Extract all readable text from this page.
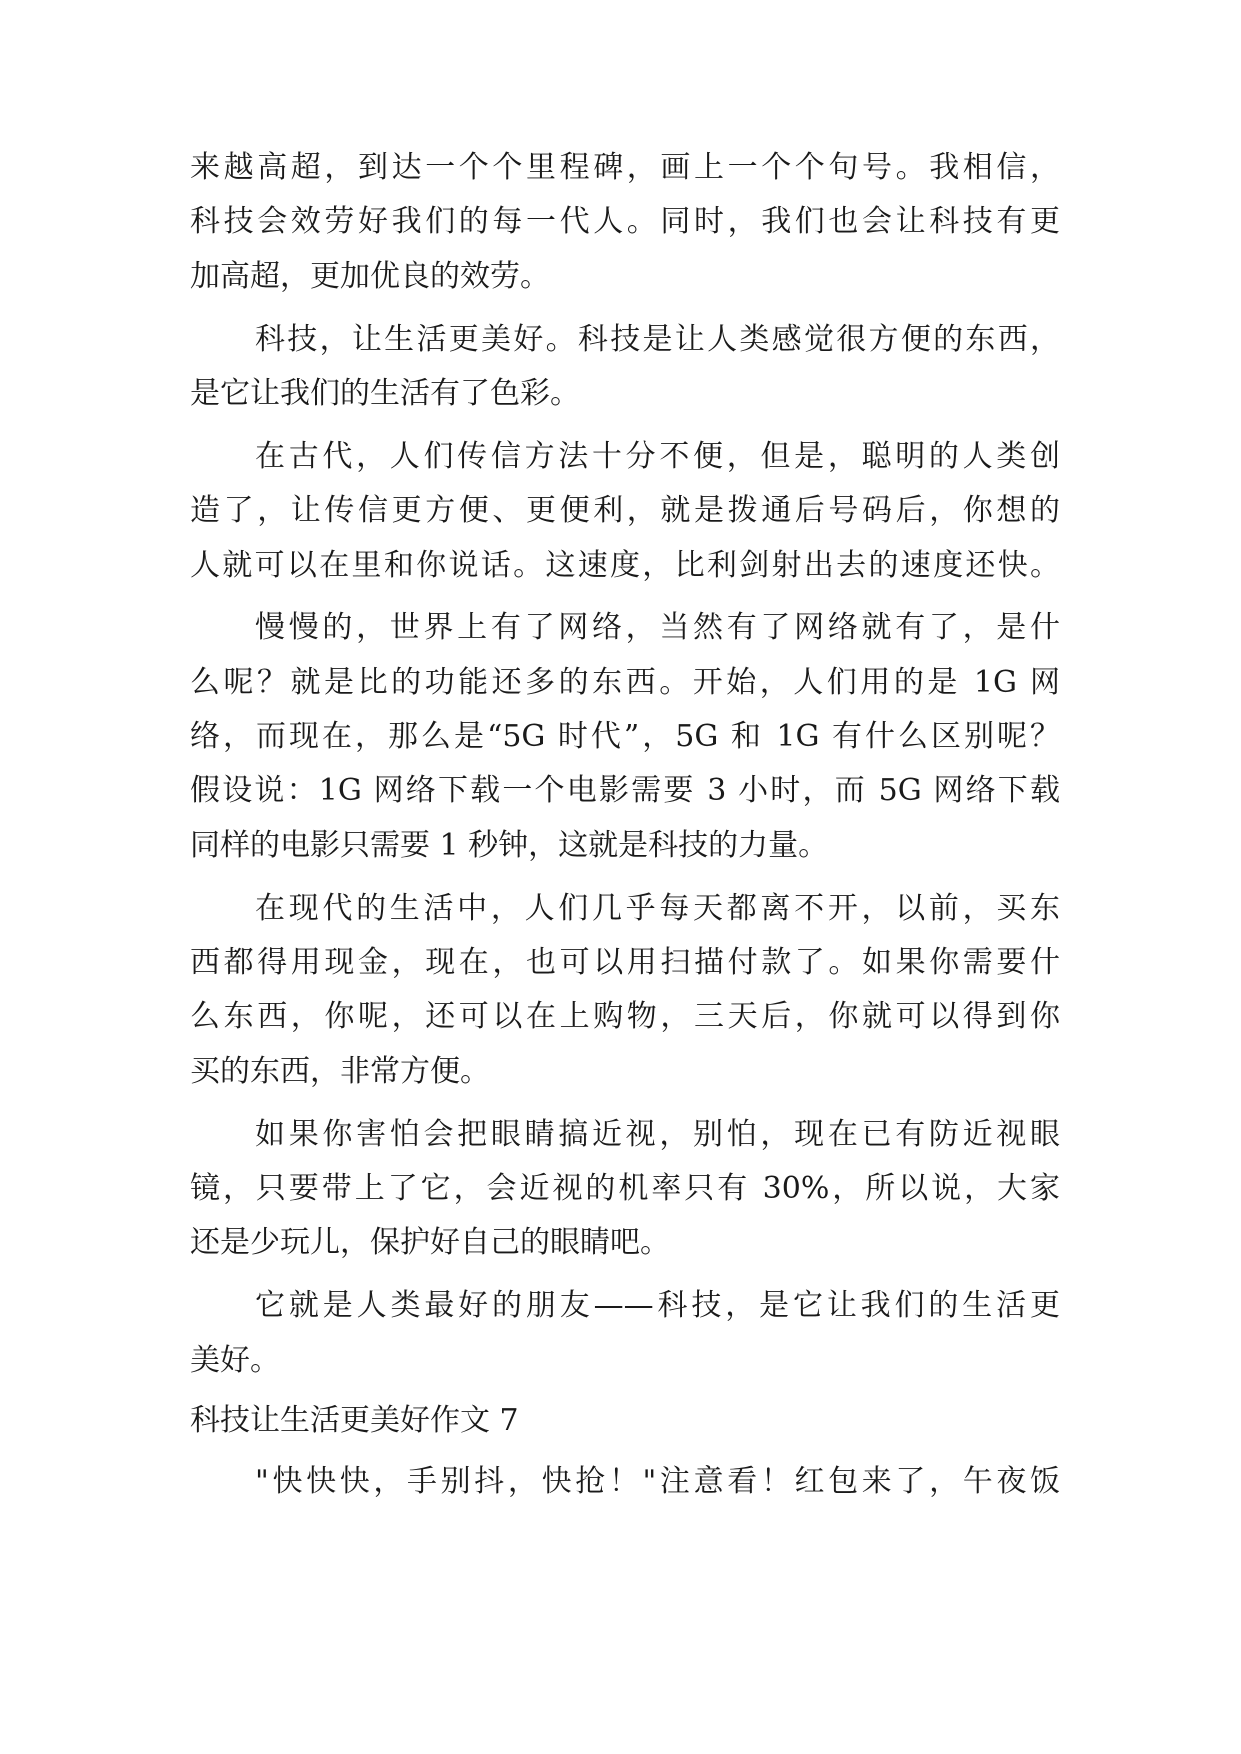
来越高超，到达一个个里程碑，画上一个个句号。我相信，
科技会效劳好我们的每一代人。同时，我们也会让科技有更
加高超，更加优良的效劳。
科技，让生活更美好。科技是让人类感觉很方便的东西，
是它让我们的生活有了色彩。
在古代，人们传信方法十分不便，但是，聪明的人类创
造了，让传信更方便、更便利，就是拨通后号码后，你想的
人就可以在里和你说话。这速度，比利剑射出去的速度还快。
慢慢的，世界上有了网络，当然有了网络就有了，是什
么呢？就是比的功能还多的东西。开始，人们用的是 1G 网
络，而现在，那么是“5G 时代”，5G 和 1G 有什么区别呢？
假设说：1G 网络下载一个电影需要 3 小时，而 5G 网络下载
同样的电影只需要 1 秒钟，这就是科技的力量。
在现代的生活中，人们几乎每天都离不开，以前，买东
西都得用现金，现在，也可以用扫描付款了。如果你需要什
么东西，你呢，还可以在上购物，三天后，你就可以得到你
买的东西，非常方便。
如果你害怕会把眼睛搞近视，别怕，现在已有防近视眼
镜，只要带上了它，会近视的机率只有 30%，所以说，大家
还是少玩儿，保护好自己的眼睛吧。
它就是人类最好的朋友——科技，是它让我们的生活更
美好。
科技让生活更美好作文 7
"快快快，手别抖，快抢！"注意看！红包来了，午夜饭
